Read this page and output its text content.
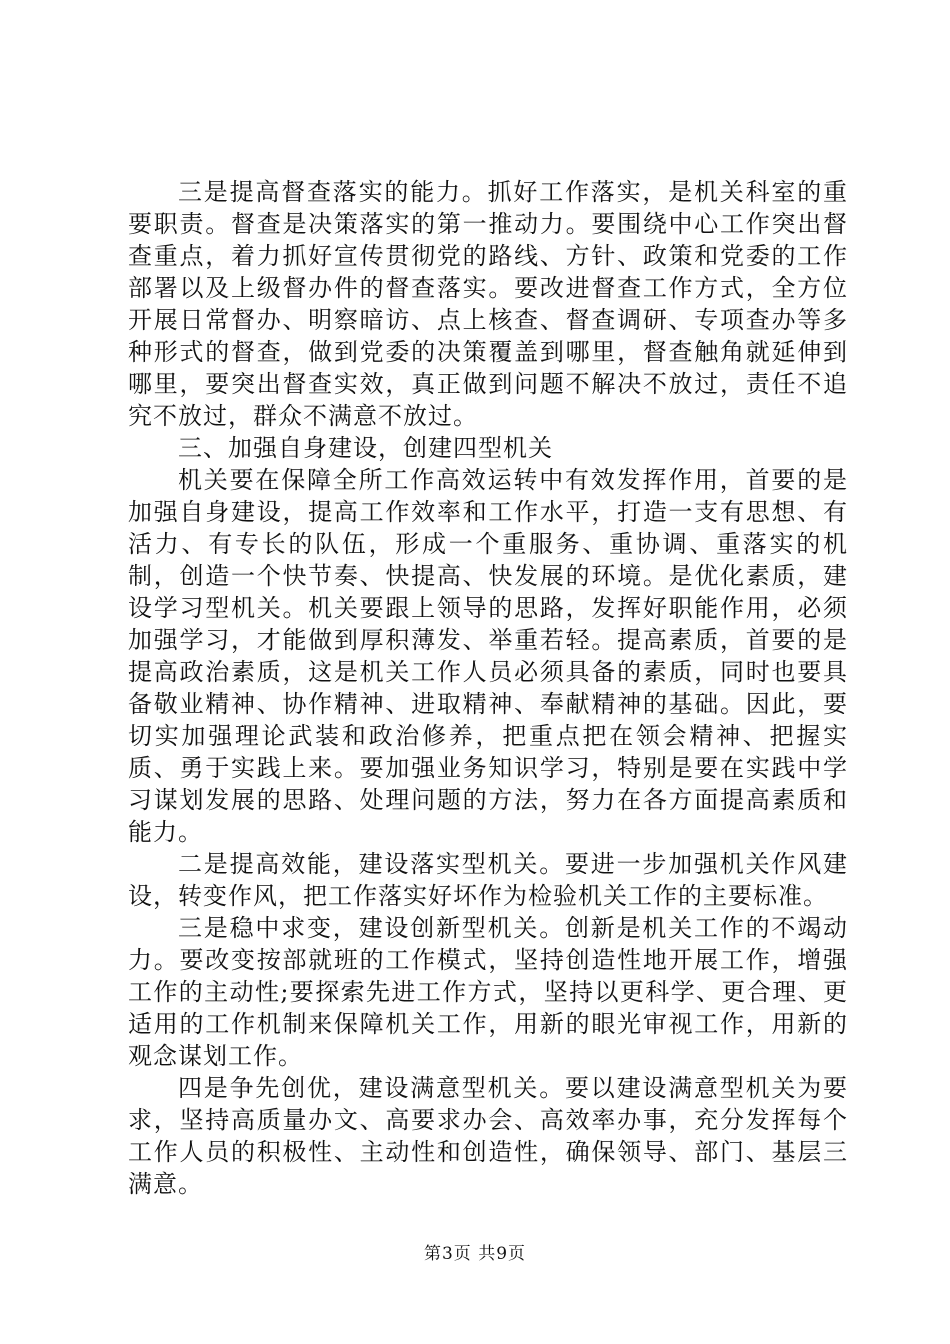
三是提高督查落实的能力。抓好工作落实，是机关科室的重要职责。督查是决策落实的第一推动力。要围绕中心工作突出督查重点，着力抓好宣传贯彻党的路线、方针、政策和党委的工作部署以及上级督办件的督查落实。要改进督查工作方式，全方位开展日常督办、明察暗访、点上核查、督查调研、专项查办等多种形式的督查，做到党委的决策覆盖到哪里，督查触角就延伸到哪里，要突出督查实效，真正做到问题不解决不放过，责任不追究不放过，群众不满意不放过。

三、加强自身建设，创建四型机关

机关要在保障全所工作高效运转中有效发挥作用，首要的是加强自身建设，提高工作效率和工作水平，打造一支有思想、有活力、有专长的队伍，形成一个重服务、重协调、重落实的机制，创造一个快节奏、快提高、快发展的环境。是优化素质，建设学习型机关。机关要跟上领导的思路，发挥好职能作用，必须加强学习，才能做到厚积薄发、举重若轻。提高素质，首要的是提高政治素质，这是机关工作人员必须具备的素质，同时也要具备敬业精神、协作精神、进取精神、奉献精神的基础。因此，要切实加强理论武装和政治修养，把重点把在领会精神、把握实质、勇于实践上来。要加强业务知识学习，特别是要在实践中学习谋划发展的思路、处理问题的方法，努力在各方面提高素质和能力。

二是提高效能，建设落实型机关。要进一步加强机关作风建设，转变作风，把工作落实好坏作为检验机关工作的主要标准。

三是稳中求变，建设创新型机关。创新是机关工作的不竭动力。要改变按部就班的工作模式，坚持创造性地开展工作，增强工作的主动性;要探索先进工作方式，坚持以更科学、更合理、更适用的工作机制来保障机关工作，用新的眼光审视工作，用新的观念谋划工作。

四是争先创优，建设满意型机关。要以建设满意型机关为要求，坚持高质量办文、高要求办会、高效率办事，充分发挥每个工作人员的积极性、主动性和创造性，确保领导、部门、基层三满意。

第3页 共9页
